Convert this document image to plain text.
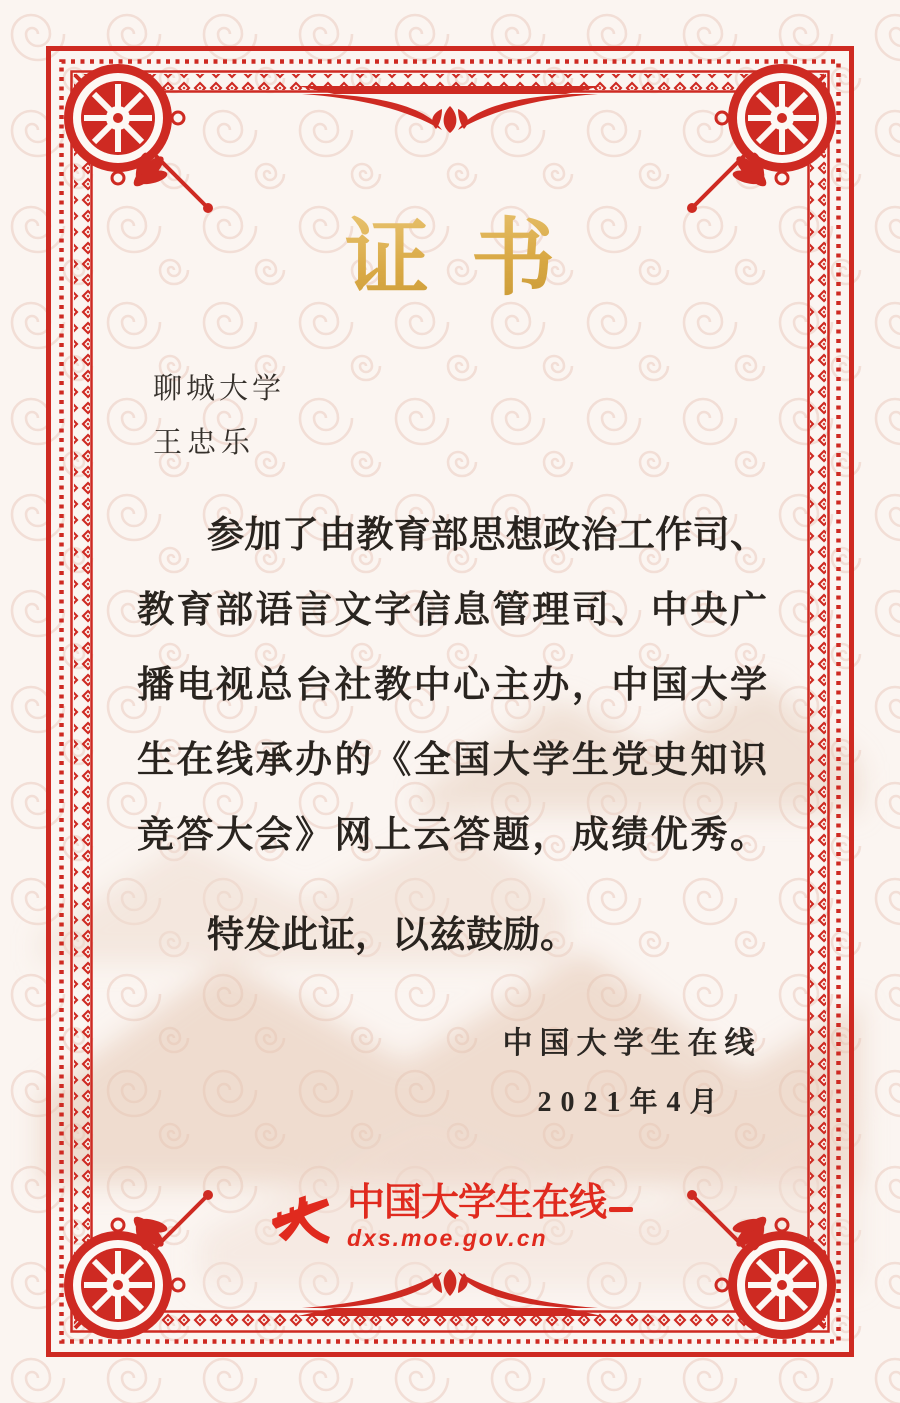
证书
聊城大学
王忠乐
参加了由教育部思想政治工作司、
教育部语言文字信息管理司、中央广
播电视总台社教中心主办，中国大学
生在线承办的《全国大学生党史知识
竞答大会》网上云答题，成绩优秀。
特发此证，以兹鼓励。
中国大学生在线
2021年4月
中国大学生在线
dxs.moe.gov.cn
